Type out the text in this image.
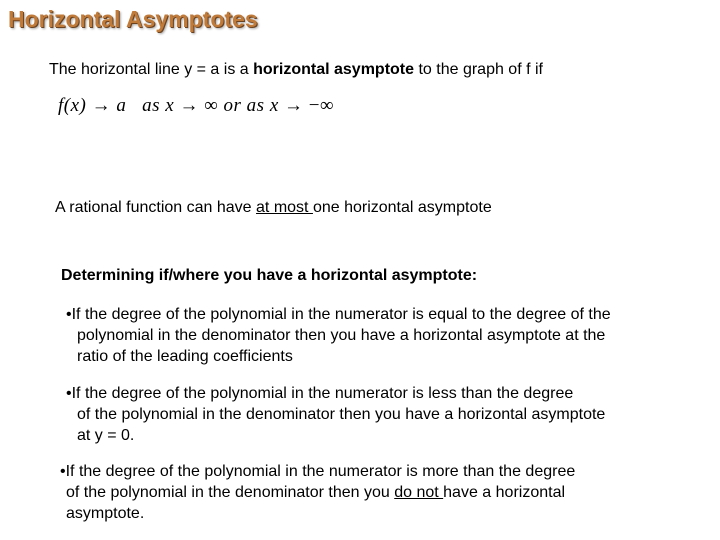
Horizontal Asymptotes
The horizontal line y = a is a horizontal asymptote to the graph of f if
f(x) → a as x → ∞ or as x → −∞
A rational function can have at most one horizontal asymptote
Determining if/where you have a horizontal asymptote:
•If the degree of the polynomial in the numerator is equal to the degree of the
polynomial in the denominator then you have a horizontal asymptote at the
ratio of the leading coefficients
•If the degree of the polynomial in the numerator is less than the degree
of the polynomial in the denominator then you have a horizontal asymptote
at y = 0.
•If the degree of the polynomial in the numerator is more than the degree
of the polynomial in the denominator then you do not have a horizontal
asymptote.
